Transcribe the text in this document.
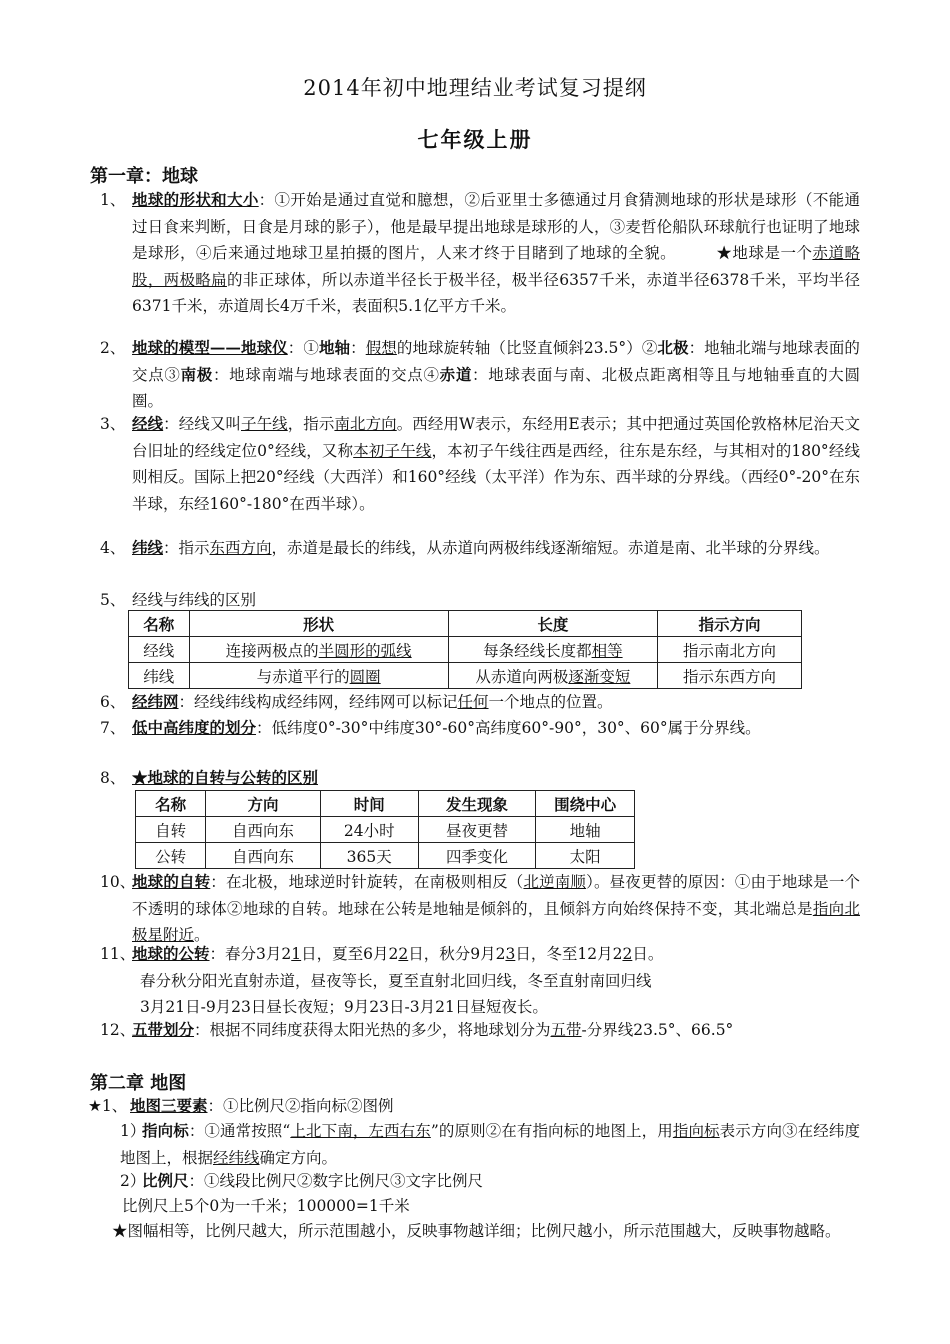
2014年初中地理结业考试复习提纲
七年级上册
第一章：地球
1、 地球的形状和大小：①开始是通过直觉和臆想，②后亚里士多德通过月食猜测地球的形状是球形（不能通过日食来判断，日食是月球的影子），他是最早提出地球是球形的人，③麦哲伦船队环球航行也证明了地球是球形，④后来通过地球卫星拍摄的图片，人来才终于目睹到了地球的全貌。　　　★地球是一个赤道略股，两极略扁的非正球体，所以赤道半径长于极半径，极半径6357千米，赤道半径6378千米，平均半径6371千米，赤道周长4万千米，表面积5.1亿平方千米。
2、 地球的模型——地球仪：①地轴：假想的地球旋转轴（比竖直倾斜23.5°）②北极：地轴北端与地球表面的交点③南极：地球南端与地球表面的交点④赤道：地球表面与南、北极点距离相等且与地轴垂直的大圆圈。
3、 经线：经线又叫子午线，指示南北方向。西经用W表示，东经用E表示；其中把通过英国伦敦格林尼治天文台旧址的经线定位0°经线，又称本初子午线，本初子午线往西是西经，往东是东经，与其相对的180°经线则相反。国际上把20°经线（大西洋）和160°经线（太平洋）作为东、西半球的分界线。（西经0°-20°在东半球，东经160°-180°在西半球）。
4、 纬线：指示东西方向，赤道是最长的纬线，从赤道向两极纬线逐渐缩短。赤道是南、北半球的分界线。
5、 经线与纬线的区别
名称	形状	长度	指示方向
经线	连接两极点的半圆形的弧线	每条经线长度都相等	指示南北方向
纬线	与赤道平行的圆圈	从赤道向两极逐渐变短	指示东西方向
6、 经纬网：经线纬线构成经纬网，经纬网可以标记任何一个地点的位置。
7、 低中高纬度的划分：低纬度0°-30°中纬度30°-60°高纬度60°-90°，30°、60°属于分界线。
8、 ★地球的自转与公转的区别
名称	方向	时间	发生现象	围绕中心
自转	自西向东	24小时	昼夜更替	地轴
公转	自西向东	365天	四季变化	太阳
10、
地球的自转：在北极，地球逆时针旋转，在南极则相反（北逆南顺）。昼夜更替的原因：①由于地球是一个不透明的球体②地球的自转。地球在公转是地轴是倾斜的，且倾斜方向始终保持不变，其北端总是指向北极星附近。
11、
地球的公转：春分3月21日，夏至6月22日，秋分9月23日，冬至12月22日。
春分秋分阳光直射赤道，昼夜等长，夏至直射北回归线，冬至直射南回归线
3月21日-9月23日昼长夜短；9月23日-3月21日昼短夜长。
12、
五带划分：根据不同纬度获得太阳光热的多少，将地球划分为五带-分界线23.5°、66.5°
第二章 地图
★1、 地图三要素：①比例尺②指向标②图例
1）
指向标：①通常按照“上北下南，左西右东”的原则②在有指向标的地图上，用指向标表示方向③在经纬度地图上，根据经纬线确定方向。
2）
比例尺：①线段比例尺②数字比例尺③文字比例尺
比例尺上5个0为一千米；100000=1千米
★图幅相等，比例尺越大，所示范围越小，反映事物越详细；比例尺越小，所示范围越大，反映事物越略。
